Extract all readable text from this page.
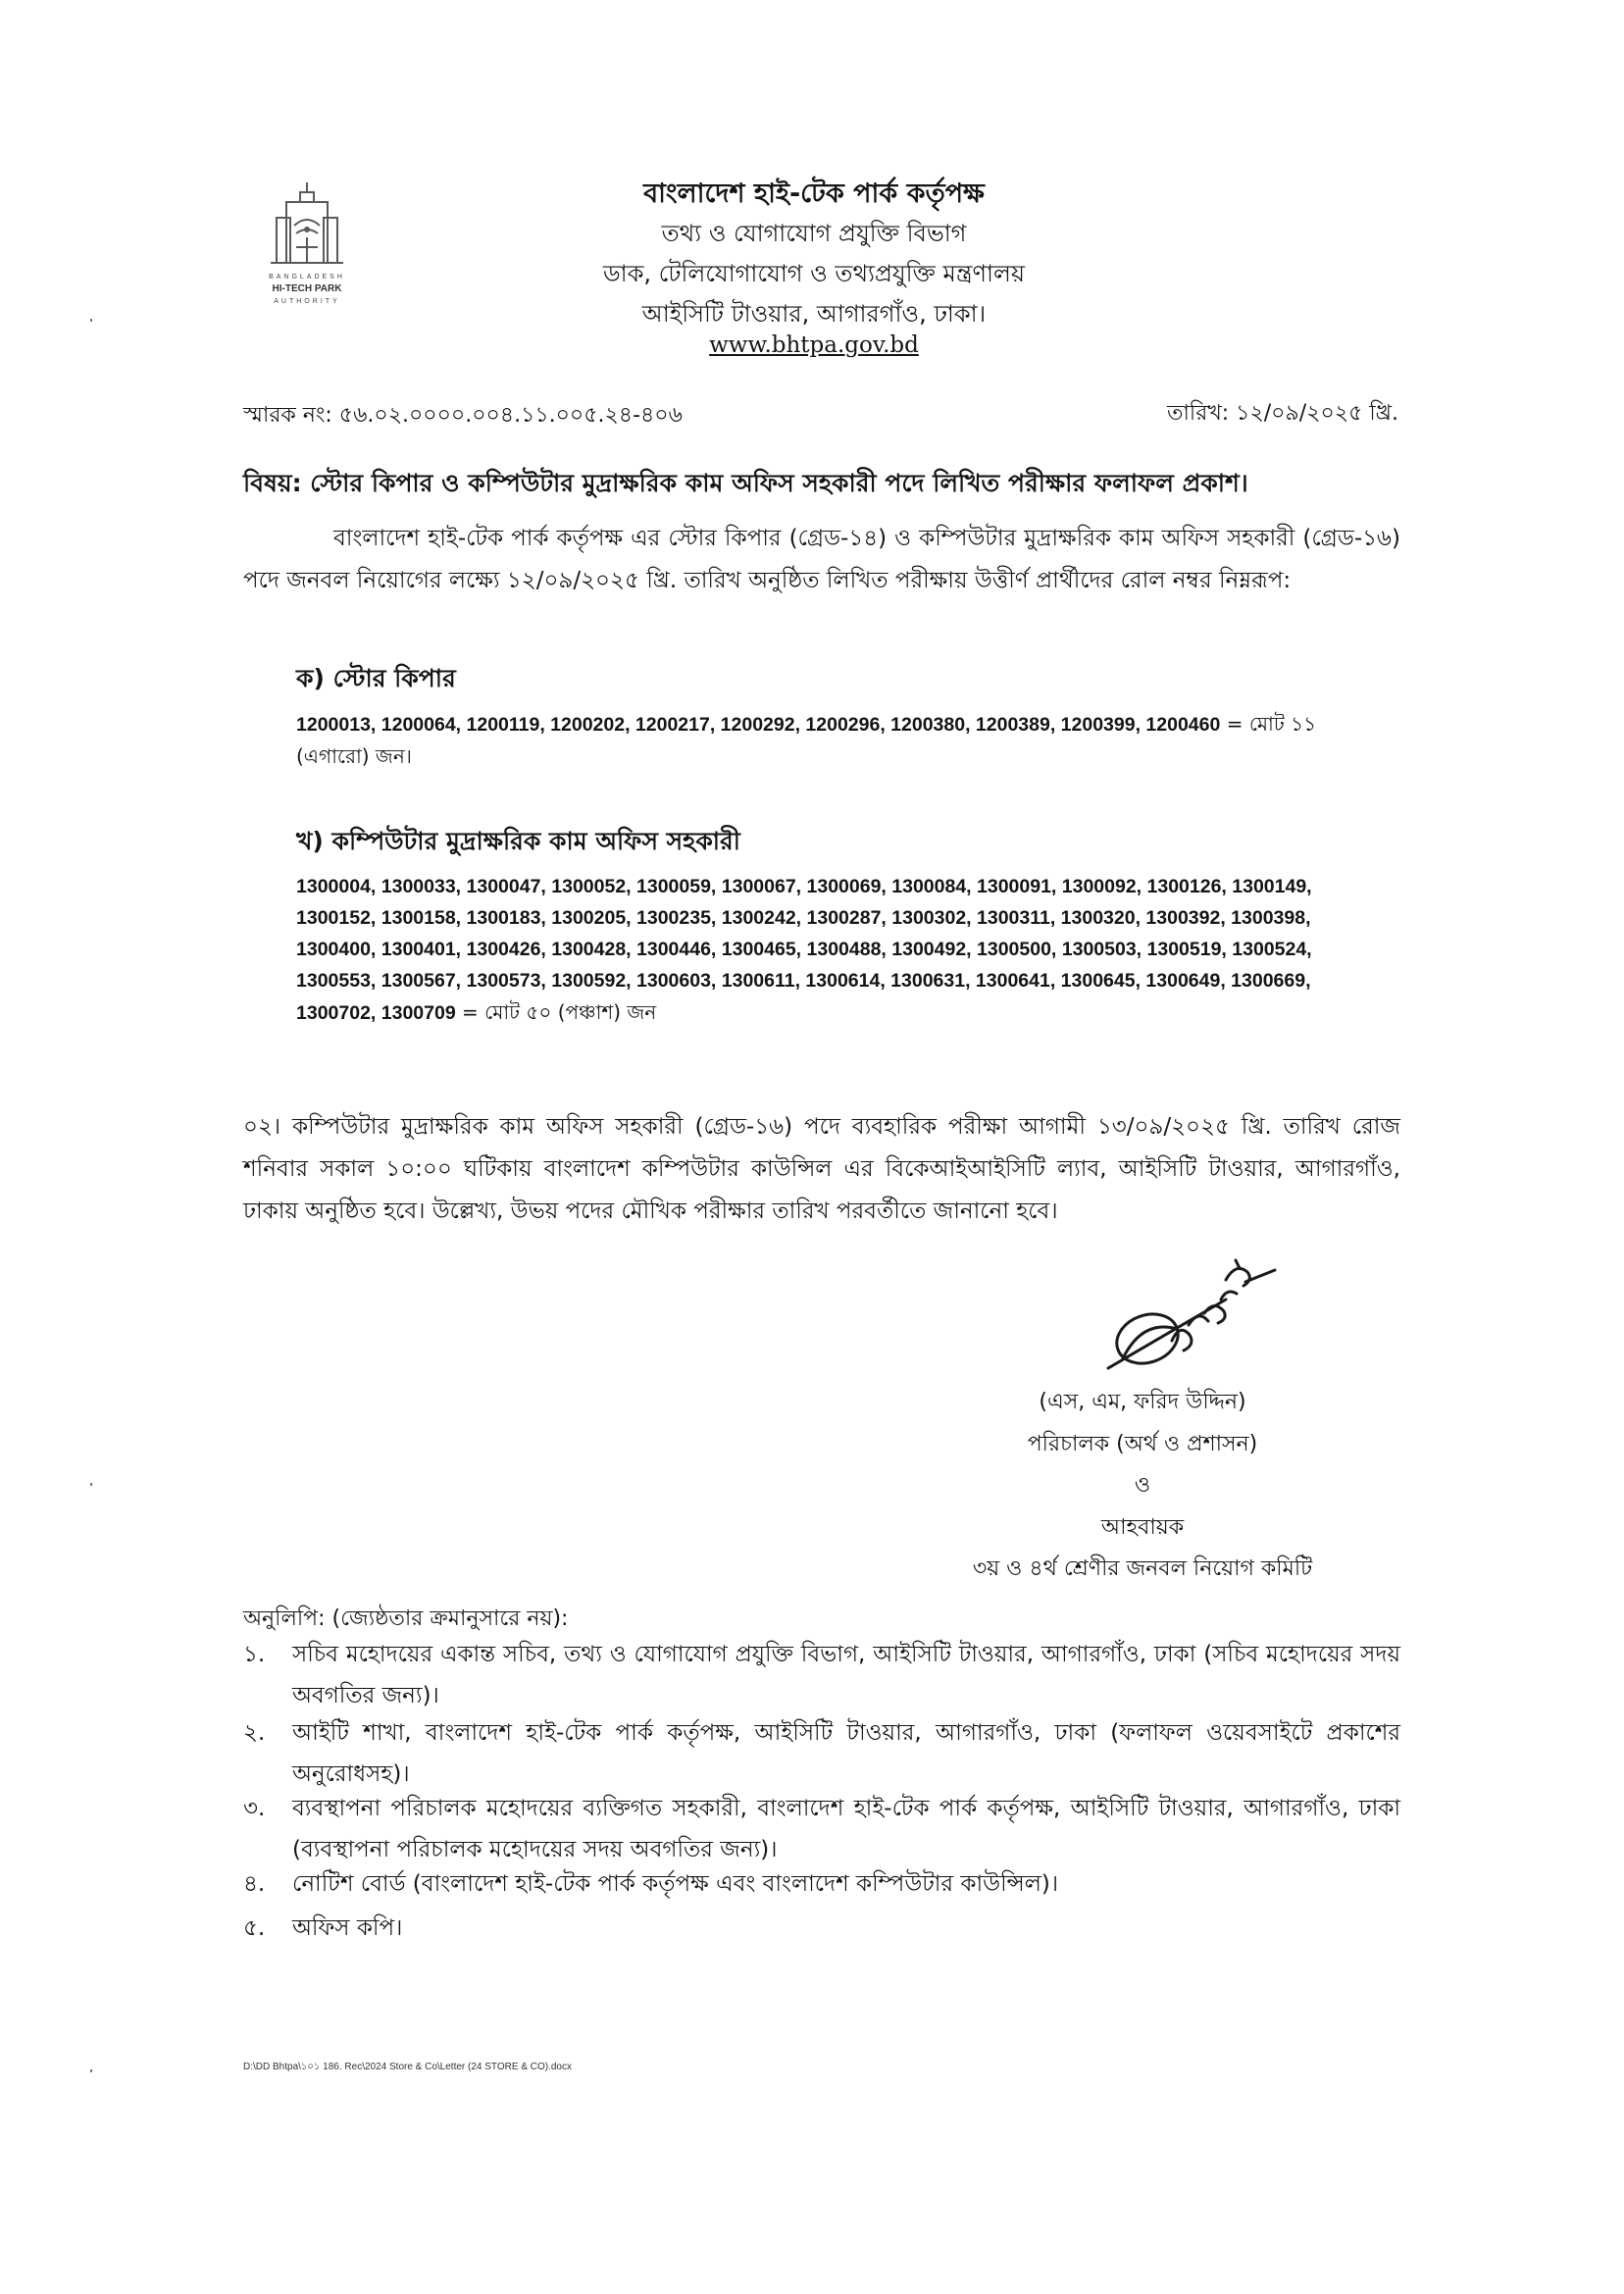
BANGLADESH
HI-TECH PARK
AUTHORITY
বাংলাদেশ হাই-টেক পার্ক কর্তৃপক্ষ
তথ্য ও যোগাযোগ প্রযুক্তি বিভাগ
ডাক, টেলিযোগাযোগ ও তথ্যপ্রযুক্তি মন্ত্রণালয়
আইসিটি টাওয়ার, আগারগাঁও, ঢাকা।
www.bhtpa.gov.bd
স্মারক নং: ৫৬.০২.০০০০.০০৪.১১.০০৫.২৪-৪০৬	তারিখ: ১২/০৯/২০২৫ খ্রি.
বিষয়: স্টোর কিপার ও কম্পিউটার মুদ্রাক্ষরিক কাম অফিস সহকারী পদে লিখিত পরীক্ষার ফলাফল প্রকাশ।
বাংলাদেশ হাই-টেক পার্ক কর্তৃপক্ষ এর স্টোর কিপার (গ্রেড-১৪) ও কম্পিউটার মুদ্রাক্ষরিক কাম অফিস সহকারী (গ্রেড-১৬) পদে জনবল নিয়োগের লক্ষ্যে ১২/০৯/২০২৫ খ্রি. তারিখ অনুষ্ঠিত লিখিত পরীক্ষায় উত্তীর্ণ প্রার্থীদের রোল নম্বর নিম্নরূপ:
ক) স্টোর কিপার
1200013, 1200064, 1200119, 1200202, 1200217, 1200292, 1200296, 1200380, 1200389, 1200399, 1200460 = মোট ১১ (এগারো) জন।
খ) কম্পিউটার মুদ্রাক্ষরিক কাম অফিস সহকারী
1300004, 1300033, 1300047, 1300052, 1300059, 1300067, 1300069, 1300084, 1300091, 1300092, 1300126, 1300149, 1300152, 1300158, 1300183, 1300205, 1300235, 1300242, 1300287, 1300302, 1300311, 1300320, 1300392, 1300398, 1300400, 1300401, 1300426, 1300428, 1300446, 1300465, 1300488, 1300492, 1300500, 1300503, 1300519, 1300524, 1300553, 1300567, 1300573, 1300592, 1300603, 1300611, 1300614, 1300631, 1300641, 1300645, 1300649, 1300669, 1300702, 1300709 = মোট ৫০ (পঞ্চাশ) জন
০২। কম্পিউটার মুদ্রাক্ষরিক কাম অফিস সহকারী (গ্রেড-১৬) পদে ব্যবহারিক পরীক্ষা আগামী ১৩/০৯/২০২৫ খ্রি. তারিখ রোজ শনিবার সকাল ১০:০০ ঘটিকায় বাংলাদেশ কম্পিউটার কাউন্সিল এর বিকেআইআইসিটি ল্যাব, আইসিটি টাওয়ার, আগারগাঁও, ঢাকায় অনুষ্ঠিত হবে। উল্লেখ্য, উভয় পদের মৌখিক পরীক্ষার তারিখ পরবর্তীতে জানানো হবে।
(এস, এম, ফরিদ উদ্দিন)
পরিচালক (অর্থ ও প্রশাসন)
ও
আহবায়ক
৩য় ও ৪র্থ শ্রেণীর জনবল নিয়োগ কমিটি
অনুলিপি: (জ্যেষ্ঠতার ক্রমানুসারে নয়):
১.	সচিব মহোদয়ের একান্ত সচিব, তথ্য ও যোগাযোগ প্রযুক্তি বিভাগ, আইসিটি টাওয়ার, আগারগাঁও, ঢাকা (সচিব মহোদয়ের সদয় অবগতির জন্য)।
২.	আইটি শাখা, বাংলাদেশ হাই-টেক পার্ক কর্তৃপক্ষ, আইসিটি টাওয়ার, আগারগাঁও, ঢাকা (ফলাফল ওয়েবসাইটে প্রকাশের অনুরোধসহ)।
৩.	ব্যবস্থাপনা পরিচালক মহোদয়ের ব্যক্তিগত সহকারী, বাংলাদেশ হাই-টেক পার্ক কর্তৃপক্ষ, আইসিটি টাওয়ার, আগারগাঁও, ঢাকা (ব্যবস্থাপনা পরিচালক মহোদয়ের সদয় অবগতির জন্য)।
৪.	নোটিশ বোর্ড (বাংলাদেশ হাই-টেক পার্ক কর্তৃপক্ষ এবং বাংলাদেশ কম্পিউটার কাউন্সিল)।
৫.	অফিস কপি।
D:\DD Bhtpa\১০১ 186. Rec\2024 Store & Co\Letter (24 STORE & CO).docx
